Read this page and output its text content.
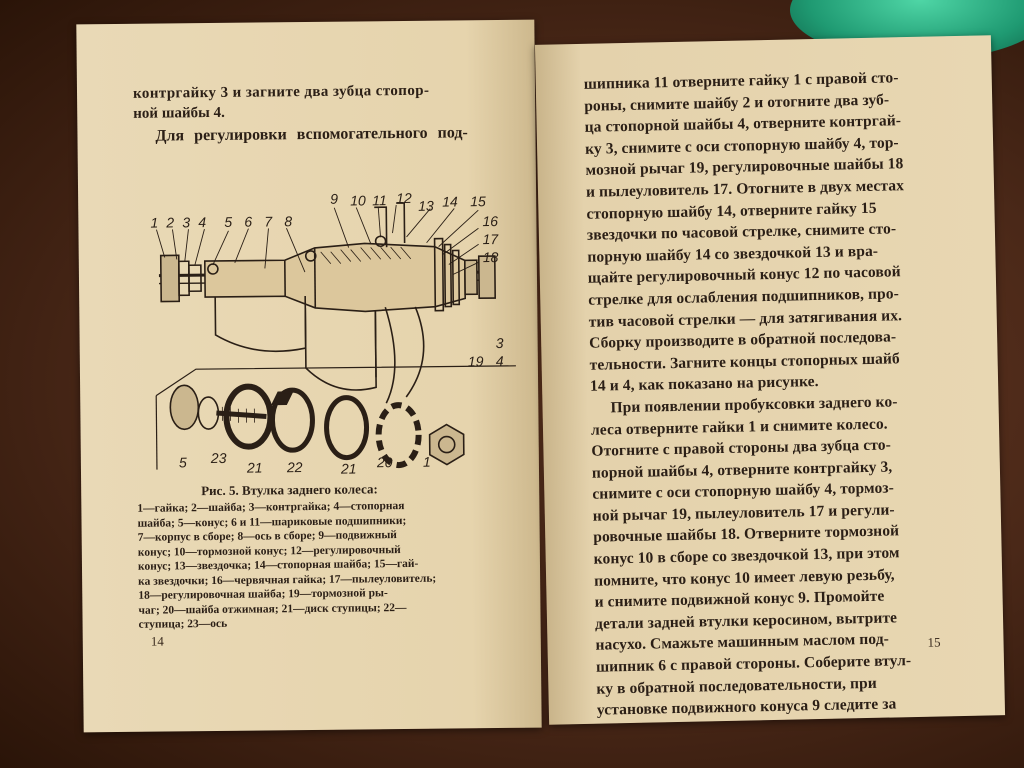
контргайку 3 и загните два зубца стопор-
ной шайбы 4.
Для регулировки вспомогательного под-
1 2 3 4 5 6 7 8
9 10 11 12 13 14 15
16
17
18
3
19 4
5 23
21 22	21 20 1
Рис. 5. Втулка заднего колеса:
1—гайка; 2—шайба; 3—контргайка; 4—стопорная
шайба; 5—конус; 6 и 11—шариковые подшипники;
7—корпус в сборе; 8—ось в сборе; 9—подвижный
конус; 10—тормозной конус; 12—регулировочный
конус; 13—звездочка; 14—стопорная шайба; 15—гай-
ка звездочки; 16—червячная гайка; 17—пылеуловитель;
18—регулировочная шайба; 19—тормозной ры-
чаг; 20—шайба отжимная; 21—диск ступицы; 22—
ступица; 23—ось
14
шипника 11 отверните гайку 1 с правой сто-
роны, снимите шайбу 2 и отогните два зуб-
ца стопорной шайбы 4, отверните контргай-
ку 3, снимите с оси стопорную шайбу 4, тор-
мозной рычаг 19, регулировочные шайбы 18
и пылеуловитель 17. Отогните в двух местах
стопорную шайбу 14, отверните гайку 15
звездочки по часовой стрелке, снимите сто-
порную шайбу 14 со звездочкой 13 и вра-
щайте регулировочный конус 12 по часовой
стрелке для ослабления подшипников, про-
тив часовой стрелки — для затягивания их.
Сборку производите в обратной последова-
тельности. Загните концы стопорных шайб
14 и 4, как показано на рисунке.
При появлении пробуксовки заднего ко-
леса отверните гайки 1 и снимите колесо.
Отогните с правой стороны два зубца сто-
порной шайбы 4, отверните контргайку 3,
снимите с оси стопорную шайбу 4, тормоз-
ной рычаг 19, пылеуловитель 17 и регули-
ровочные шайбы 18. Отверните тормозной
конус 10 в сборе со звездочкой 13, при этом
помните, что конус 10 имеет левую резьбу,
и снимите подвижной конус 9. Промойте
детали задней втулки керосином, вытрите
насухо. Смажьте машинным маслом под-
шипник 6 с правой стороны. Соберите втул-
ку в обратной последовательности, при
установке подвижного конуса 9 следите за
15
